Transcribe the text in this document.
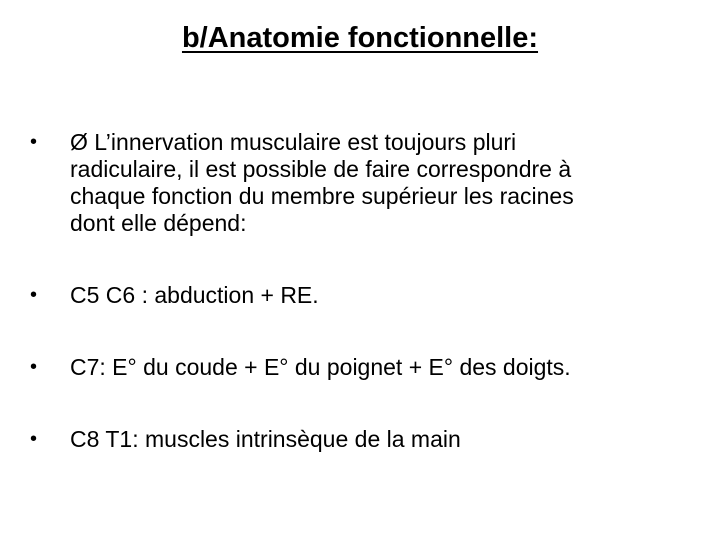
b/Anatomie fonctionnelle:
•	Ø L’innervation musculaire est toujours pluri
radiculaire, il est possible de faire correspondre à
chaque fonction du membre supérieur les racines
dont elle dépend:
•	C5 C6 : abduction + RE.
•	C7: E° du coude + E° du poignet + E° des doigts.
•	C8 T1: muscles intrinsèque de la main
